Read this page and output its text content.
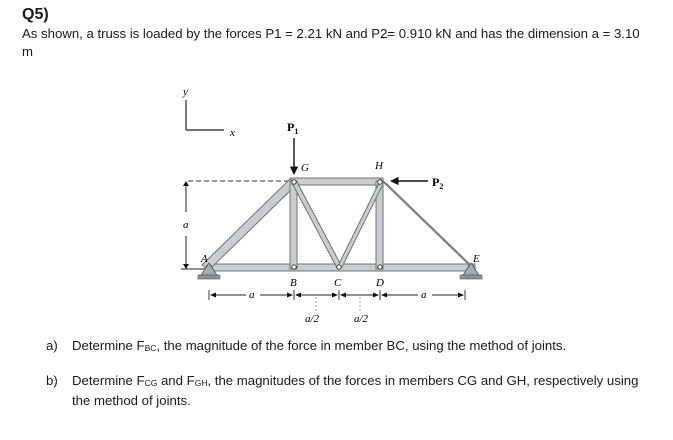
Q5)
As shown, a truss is loaded by the forces P1 = 2.21 kN and P2= 0.910 kN and has the dimension a = 3.10 m
y
x
a
$P_1$
$P_2$
A
B	C	D
E
G	H
a	a
a/2	a/2
a) Determine $F_{BC}$, the magnitude of the force in member BC, using the method of joints.
b) Determine $F_{CG}$ and $F_{GH}$, the magnitudes of the forces in members CG and GH, respectively using the method of joints.
